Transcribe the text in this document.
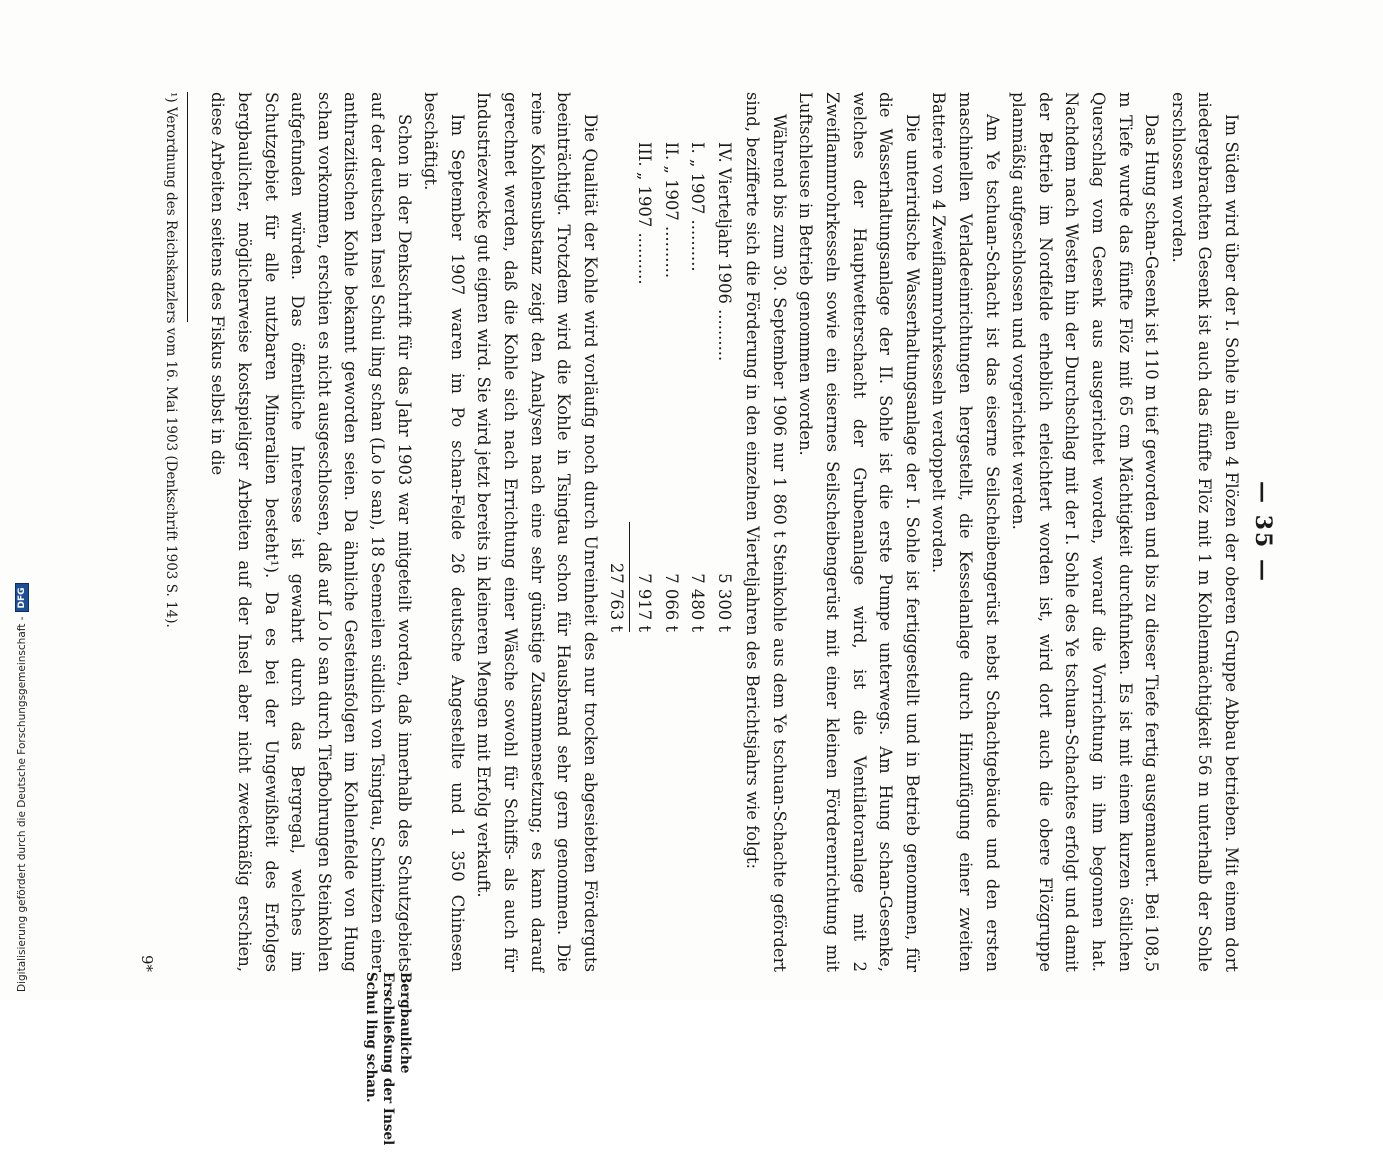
— 35 —

Im Süden wird über der I. Sohle in allen 4 Flözen der oberen Gruppe Abbau betrieben. Mit einem dort niedergebrachten Gesenk ist auch das fünfte Flöz mit 1 m Kohlenmächtigkeit 56 m unterhalb der Sohle erschlossen worden.

Das Hung schan-Gesenk ist 110 m tief geworden und bis zu dieser Tiefe fertig ausgemauert. Bei 108,5 m Tiefe wurde das fünfte Flöz mit 65 cm Mächtigkeit durchfunken. Es ist mit einem kurzen östlichen Querschlag vom Gesenk aus ausgerichtet worden, worauf die Vorrichtung in ihm begonnen hat. Nachdem nach Westen hin der Durchschlag mit der I. Sohle des Ye tschuan-Schachtes erfolgt und damit der Betrieb im Nordfelde erheblich erleichtert worden ist, wird dort auch die obere Flözgruppe planmäßig aufgeschlossen und vorgerichtet werden.

Am Ye tschuan-Schacht ist das eiserne Seilscheibengerüst nebst Schachtgebäude und den ersten maschinellen Verladeeinrichtungen hergestellt, die Kesselanlage durch Hinzufügung einer zweiten Batterie von 4 Zweiflammrohrkesseln verdoppelt worden.

Die unterirdische Wasserhaltungsanlage der I. Sohle ist fertiggestellt und in Betrieb genommen, für die Wasserhaltungsanlage der II. Sohle ist die erste Pumpe unterwegs. Am Hung schan-Gesenke, welches der Hauptwetterschacht der Grubenanlage wird, ist die Ventilatoranlage mit 2 Zweiflammrohrkesseln sowie ein eisernes Seilscheibengerüst mit einer kleinen Förderenrichtung mit Luftschleuse in Betrieb genommen worden.

Während bis zum 30. September 1906 nur 1 860 t Steinkohle aus dem Ye tschuan-Schachte gefördert sind, bezifferte sich die Förderung in den einzelnen Vierteljahren des Berichtsjahrs wie folgt:

IV. Vierteljahr 1906 ..........
5 300 t
I. „ 1907 ..........
7 480 t
II. „ 1907 ..........
7 066 t
III. „ 1907 ..........
7 917 t
27 763 t

Die Qualität der Kohle wird vorläufig noch durch Unreinheit des nur trocken abgesiebten Förderguts beeinträchtigt. Trotzdem wird die Kohle in Tsingtau schon für Hausbrand sehr gern genommen. Die reine Kohlensubstanz zeigt den Analysen nach eine sehr günstige Zusammensetzung; es kann darauf gerechnet werden, daß die Kohle sich nach Errichtung einer Wäsche sowohl für Schiffs- als auch für Industriezwecke gut eignen wird. Sie wird jetzt bereits in kleineren Mengen mit Erfolg verkauft.

Im September 1907 waren im Po schan-Felde 26 deutsche Angestellte und 1 350 Chinesen beschäftigt.

Schon in der Denkschrift für das Jahr 1903 war mitgeteilt worden, daß innerhalb des Schutzgebiets auf der deutschen Insel Schui ling schan (Lo lo san), 18 Seemeilen südlich von Tsingtau, Schmitzen einer anthrazitischen Kohle bekannt geworden seien. Da ähnliche Gesteinsfolgen im Kohlenfelde von Hung schan vorkommen, erschien es nicht ausgeschlossen, daß auf Lo lo san durch Tiefbohrungen Steinkohlen aufgefunden würden. Das öffentliche Interesse ist gewahrt durch das Bergregal, welches im Schutzgebiet für alle nutzbaren Mineralien besteht¹). Da es bei der Ungewißheit des Erfolges bergbaulicher, möglicherweise kostspieliger Arbeiten auf der Insel aber nicht zweckmäßig erschien, diese Arbeiten seitens des Fiskus selbst in die

Bergbauliche Erschließung der Insel Schui ling schan.
¹) Verordnung des Reichskanzlers vom 16. Mai 1903 (Denkschrift 1903 S. 14).
9*
Digitalisierung gefördert durch die Deutsche Forschungsgemeinschaft -
DFG
